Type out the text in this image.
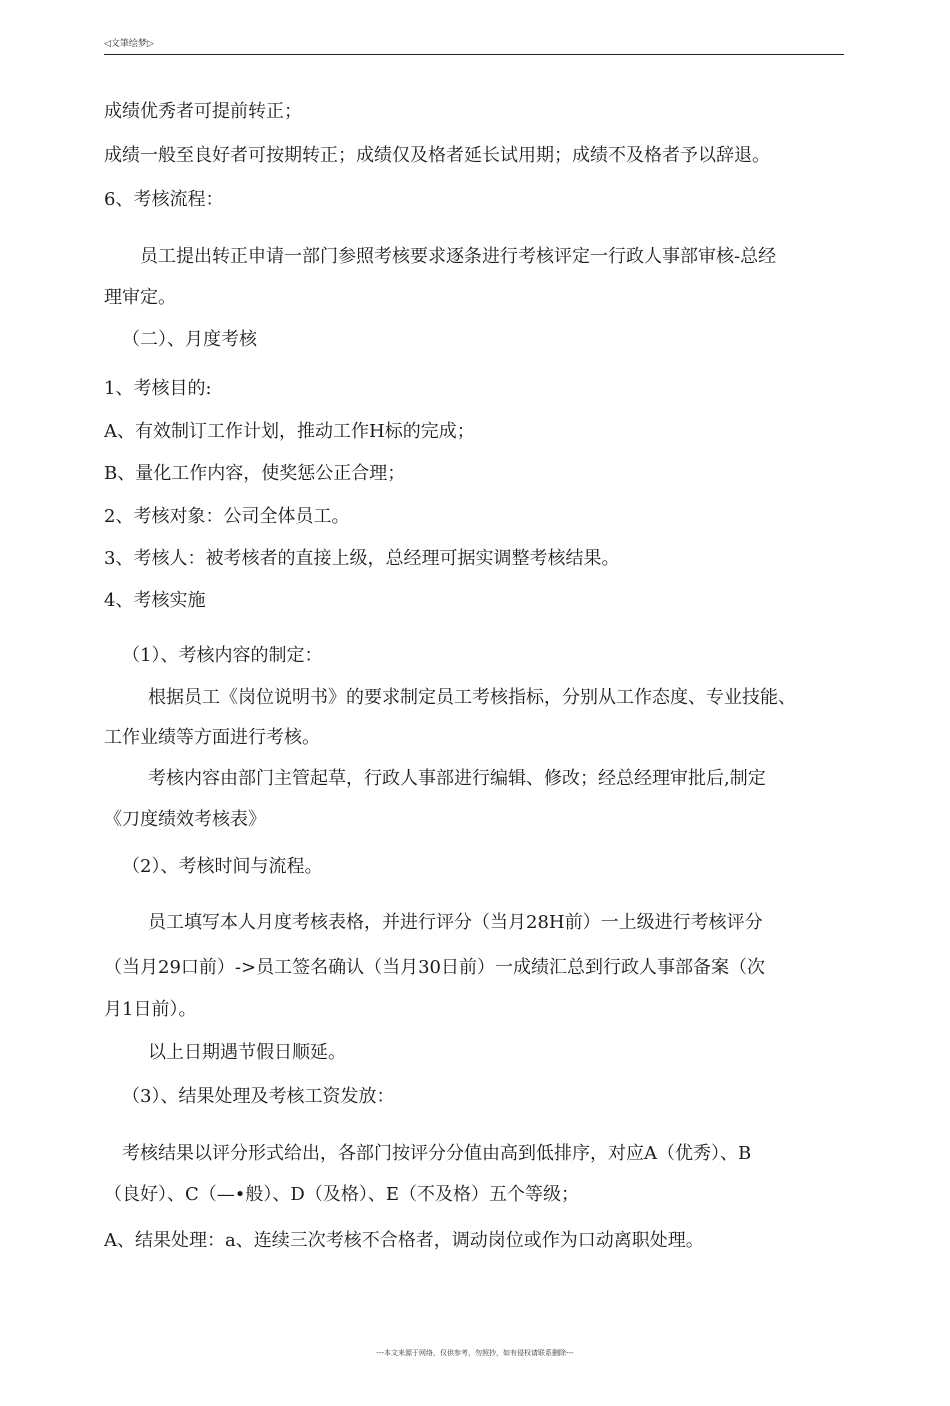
◁文筆绘梦▷
成绩优秀者可提前转正；
成绩一般至良好者可按期转正；成绩仅及格者延长试用期；成绩不及格者予以辞退。
6、考核流程：
员工提出转正申请一部门参照考核要求逐条进行考核评定一行政人事部审核-总经
理审定。
（二）、月度考核
1、考核目的:
A、有效制订工作计划，推动工作H标的完成；
B、量化工作内容，使奖惩公正合理；
2、考核对象：公司全体员工。
3、考核人：被考核者的直接上级，总经理可据实调整考核结果。
4、考核实施
（1）、考核内容的制定：
根据员工《岗位说明书》的要求制定员工考核指标，分别从工作态度、专业技能、
工作业绩等方面进行考核。
考核内容由部门主管起草，行政人事部进行编辑、修改；经总经理审批后,制定
《刀度绩效考核表》
（2）、考核时间与流程。
员工填写本人月度考核表格，并进行评分（当月28H前）一上级进行考核评分
（当月29口前）->员工签名确认（当月30日前）一成绩汇总到行政人事部备案（次
月1日前）。
以上日期遇节假日顺延。
（3）、结果处理及考核工资发放：
考核结果以评分形式给出，各部门按评分分值由高到低排序，对应A（优秀）、B
（良好）、C（—•般）、D（及格）、E（不及格）五个等级；
A、结果处理：a、连续三次考核不合格者，调动岗位或作为口动离职处理。
---本文来源于网络，仅供参考，勿照抄，如有侵权请联系删除---
